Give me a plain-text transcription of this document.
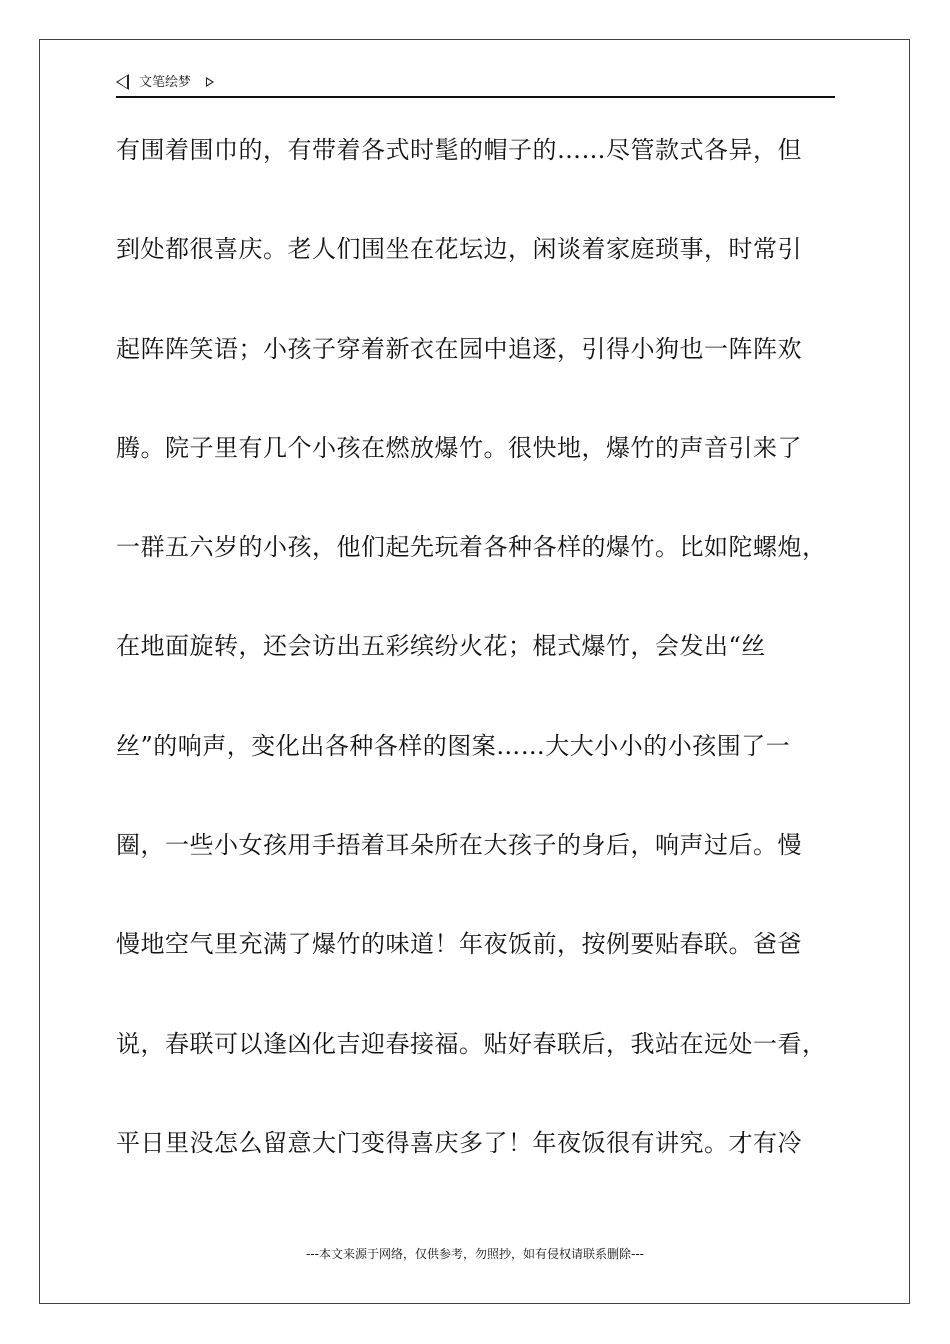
文笔绘梦
有围着围巾的，有带着各式时髦的帽子的……尽管款式各异，但
到处都很喜庆。老人们围坐在花坛边，闲谈着家庭琐事，时常引
起阵阵笑语；小孩子穿着新衣在园中追逐，引得小狗也一阵阵欢
腾。院子里有几个小孩在燃放爆竹。很快地，爆竹的声音引来了
一群五六岁的小孩，他们起先玩着各种各样的爆竹。比如陀螺炮，
在地面旋转，还会访出五彩缤纷火花；棍式爆竹，会发出“丝
丝”的响声，变化出各种各样的图案……大大小小的小孩围了一
圈，一些小女孩用手捂着耳朵所在大孩子的身后，响声过后。慢
慢地空气里充满了爆竹的味道！年夜饭前，按例要贴春联。爸爸
说，春联可以逢凶化吉迎春接福。贴好春联后，我站在远处一看，
平日里没怎么留意大门变得喜庆多了！年夜饭很有讲究。才有冷
---本文来源于网络，仅供参考，勿照抄，如有侵权请联系删除---
